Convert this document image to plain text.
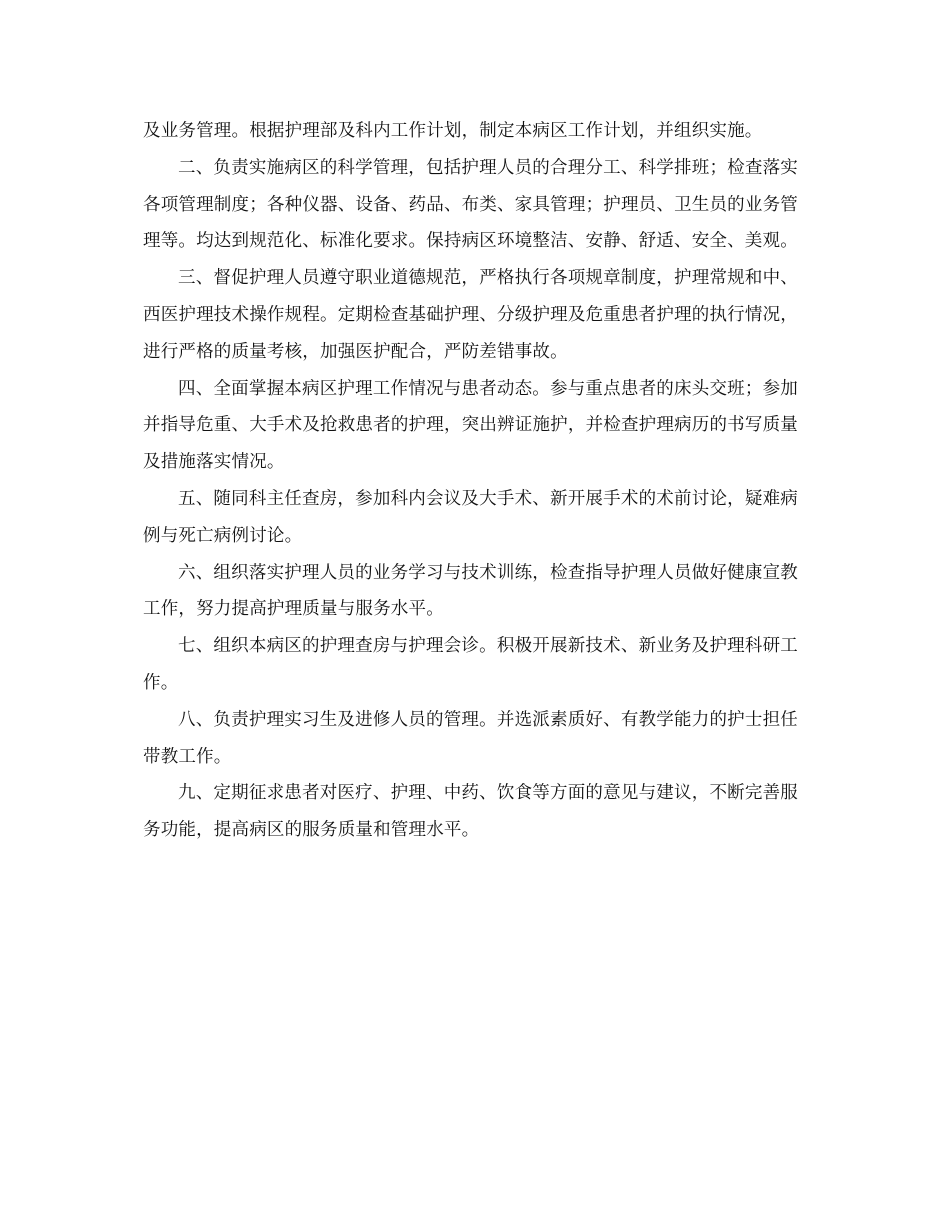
及业务管理。根据护理部及科内工作计划，制定本病区工作计划，并组织实施。

二、负责实施病区的科学管理，包括护理人员的合理分工、科学排班；检查落实各项管理制度；各种仪器、设备、药品、布类、家具管理；护理员、卫生员的业务管理等。均达到规范化、标准化要求。保持病区环境整洁、安静、舒适、安全、美观。

三、督促护理人员遵守职业道德规范，严格执行各项规章制度，护理常规和中、西医护理技术操作规程。定期检查基础护理、分级护理及危重患者护理的执行情况，进行严格的质量考核，加强医护配合，严防差错事故。

四、全面掌握本病区护理工作情况与患者动态。参与重点患者的床头交班；参加并指导危重、大手术及抢救患者的护理，突出辨证施护，并检查护理病历的书写质量及措施落实情况。

五、随同科主任查房，参加科内会议及大手术、新开展手术的术前讨论，疑难病例与死亡病例讨论。

六、组织落实护理人员的业务学习与技术训练，检查指导护理人员做好健康宣教工作，努力提高护理质量与服务水平。

七、组织本病区的护理查房与护理会诊。积极开展新技术、新业务及护理科研工作。

八、负责护理实习生及进修人员的管理。并选派素质好、有教学能力的护士担任带教工作。

九、定期征求患者对医疗、护理、中药、饮食等方面的意见与建议，不断完善服务功能，提高病区的服务质量和管理水平。
